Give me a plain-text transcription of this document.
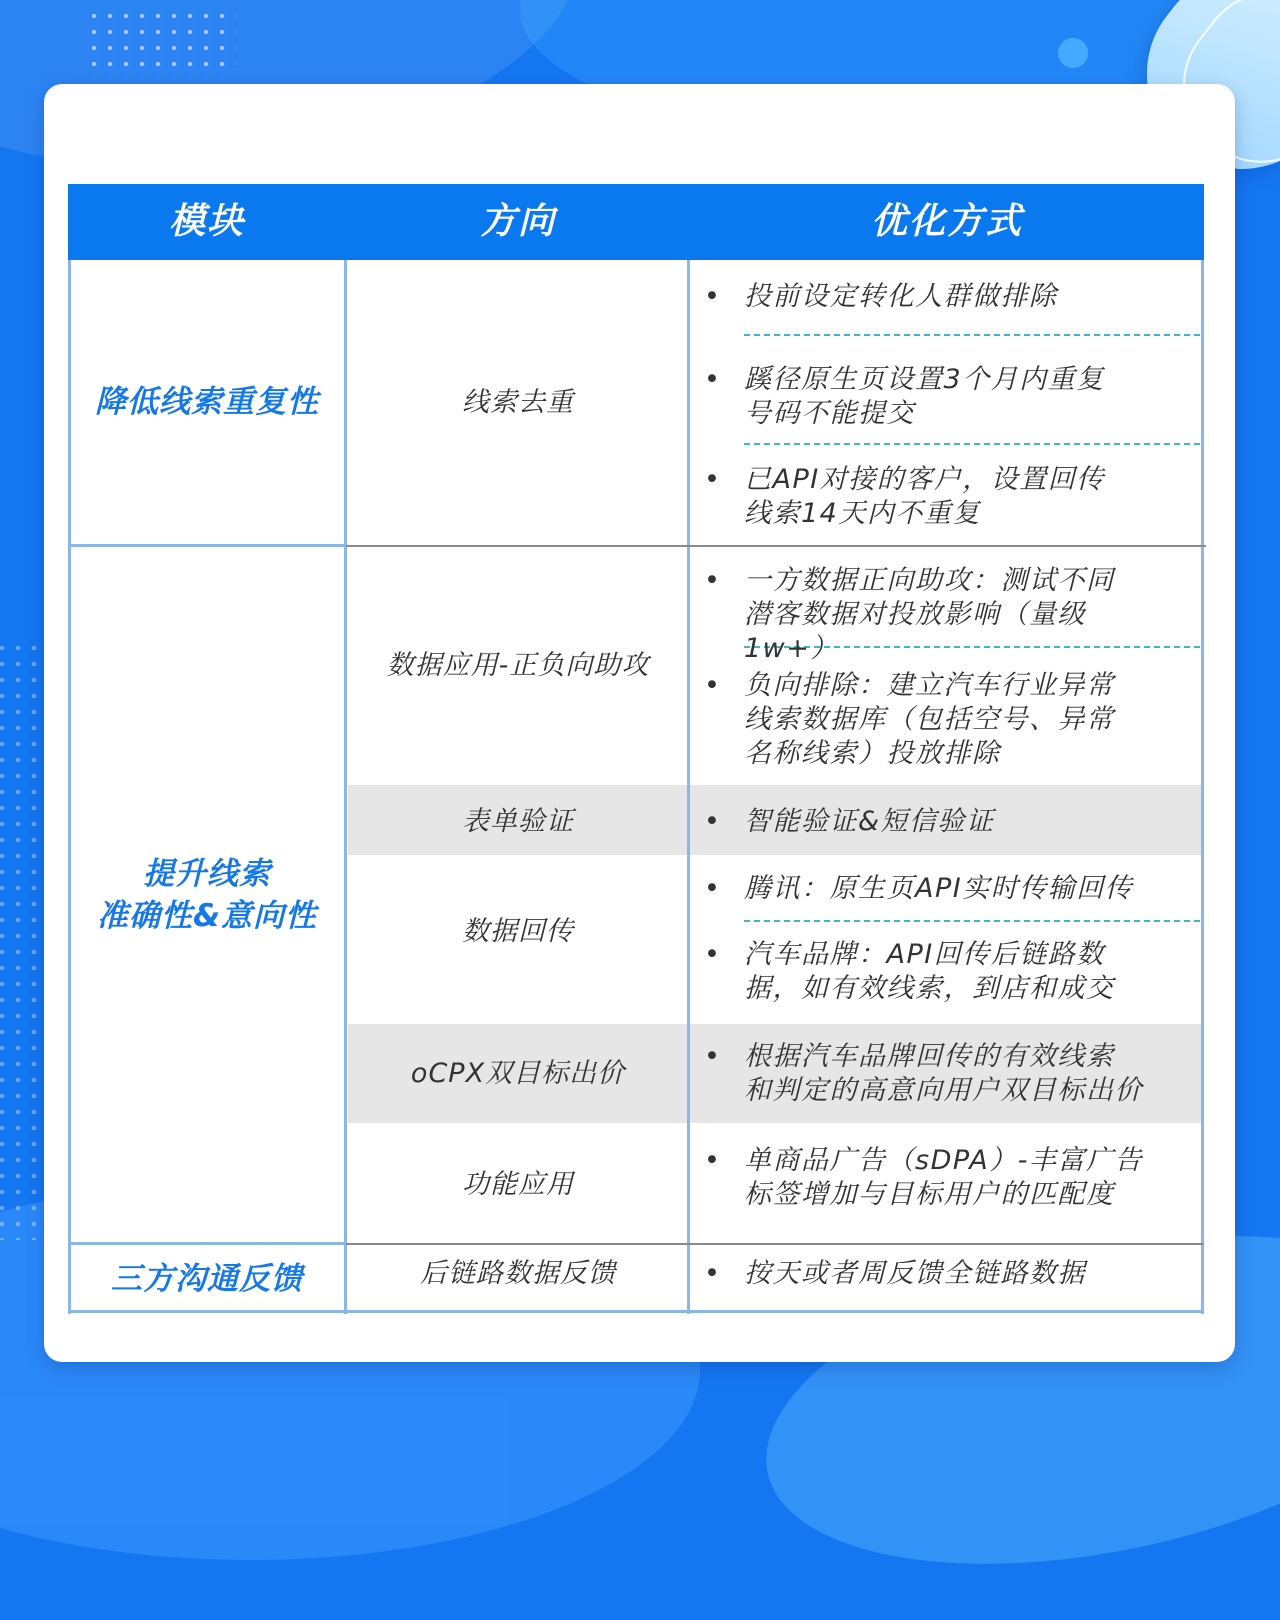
模块	方向	优化方式
降低线索重复性
提升线索
准确性&意向性
三方沟通反馈
线索去重
数据应用-正负向助攻
表单验证
数据回传
oCPX双目标出价
功能应用
后链路数据反馈
• 投前设定转化人群做排除
• 蹊径原生页设置3个月内重复
号码不能提交
• 已API对接的客户，设置回传
线索14天内不重复
• 一方数据正向助攻：测试不同
潜客数据对投放影响（量级1w+）
• 负向排除：建立汽车行业异常
线索数据库（包括空号、异常
名称线索）投放排除
• 智能验证&短信验证
• 腾讯：原生页API实时传输回传
• 汽车品牌：API回传后链路数
据，如有效线索，到店和成交
• 根据汽车品牌回传的有效线索
和判定的高意向用户双目标出价
• 单商品广告（sDPA）-丰富广告
标签增加与目标用户的匹配度
• 按天或者周反馈全链路数据
